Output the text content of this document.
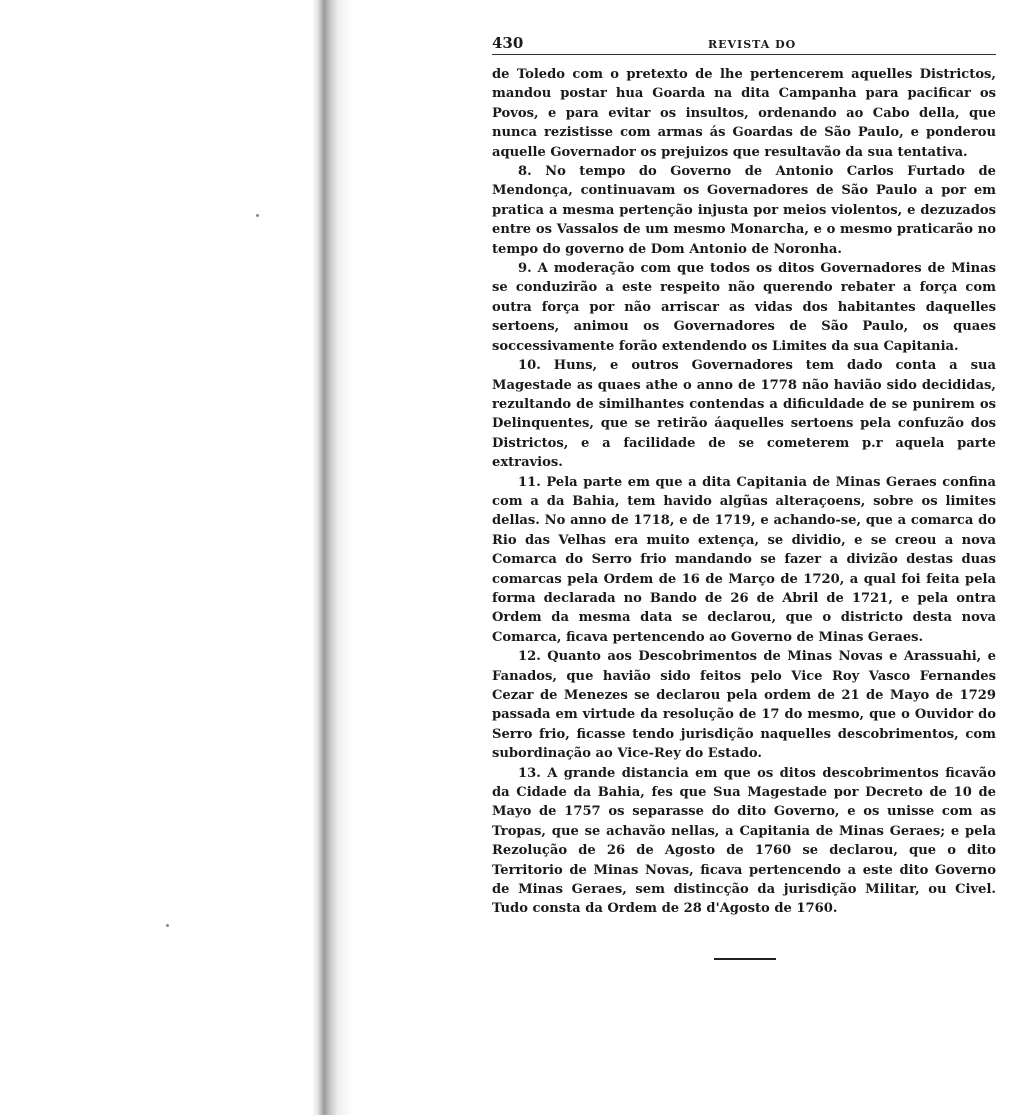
430	REVISTA DO

de Toledo com o pretexto de lhe pertencerem aquelles Districtos, mandou postar hua Goarda na dita Campanha para pacificar os Povos, e para evitar os insultos, ordenando ao Cabo della, que nunca rezistisse com armas ás Goardas de São Paulo, e ponderou aquelle Governador os prejuizos que resultavão da sua tentativa.

8. No tempo do Governo de Antonio Carlos Furtado de Mendonça, continuavam os Governadores de São Paulo a por em pratica a mesma pertenção injusta por meios violentos, e dezuzados entre os Vassalos de um mesmo Monarcha, e o mesmo praticarão no tempo do governo de Dom Antonio de Noronha.

9. A moderação com que todos os ditos Governadores de Minas se conduzirão a este respeito não querendo rebater a força com outra força por não arriscar as vidas dos habitantes daquelles sertoens, animou os Governadores de São Paulo, os quaes soccessivamente forão extendendo os Limites da sua Capitania.

10. Huns, e outros Governadores tem dado conta a sua Magestade as quaes athe o anno de 1778 não havião sido decididas, rezultando de similhantes contendas a dificuldade de se punirem os Delinquentes, que se retirão áaquelles sertoens pela confuzão dos Districtos, e a facilidade de se cometerem p.r aquela parte extravios.

11. Pela parte em que a dita Capitania de Minas Geraes confina com a da Bahia, tem havido algũas alteraçoens, sobre os limites dellas. No anno de 1718, e de 1719, e achando-se, que a comarca do Rio das Velhas era muito extença, se dividio, e se creou a nova Comarca do Serro frio mandando se fazer a divizão destas duas comarcas pela Ordem de 16 de Março de 1720, a qual foi feita pela forma declarada no Bando de 26 de Abril de 1721, e pela ontra Ordem da mesma data se declarou, que o districto desta nova Comarca, ficava pertencendo ao Governo de Minas Geraes.

12. Quanto aos Descobrimentos de Minas Novas e Arassuahi, e Fanados, que havião sido feitos pelo Vice Roy Vasco Fernandes Cezar de Menezes se declarou pela ordem de 21 de Mayo de 1729 passada em virtude da resolução de 17 do mesmo, que o Ouvidor do Serro frio, ficasse tendo jurisdição naquelles descobrimentos, com subordinação ao Vice-Rey do Estado.

13. A grande distancia em que os ditos descobrimentos ficavão da Cidade da Bahia, fes que Sua Magestade por Decreto de 10 de Mayo de 1757 os separasse do dito Governo, e os unisse com as Tropas, que se achavão nellas, a Capitania de Minas Geraes; e pela Rezolução de 26 de Agosto de 1760 se declarou, que o dito Territorio de Minas Novas, ficava pertencendo a este dito Governo de Minas Geraes, sem distincção da jurisdição Militar, ou Civel. Tudo consta da Ordem de 28 d'Agosto de 1760.
